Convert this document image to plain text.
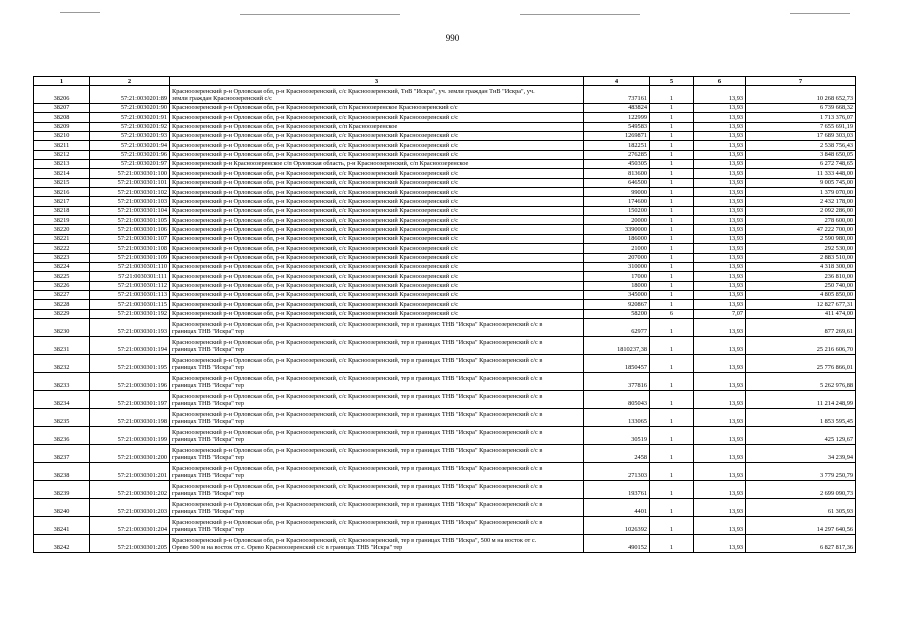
990
1	2	3	4	5	6	7
38206	57:21:0030201:89	Красноозеренский р-н Орловская обл, р-н Красноозеренский, с/с Красноозеренский, ТнВ "Искра", уч. земли граждан ТнВ "Искра", уч.
земли граждан Красноозеренский с/с	737161	1	13,93	10 268 652,73
38207	57:21:0030201:90	Красноозеренский р-н Орловская обл, р-н Красноозеренский, с/п Красноозеренское Красноозеренский с/с	483824	1	13,93	6 739 668,32
38208	57:21:0030201:91	Красноозеренский р-н Орловская обл, р-н Красноозеренский, с/с Красноозеренский Красноозеренский с/с	122999	1	13,93	1 713 376,07
38209	57:21:0030201:92	Красноозеренский р-н Орловская обл, р-н Красноозеренский, с/п Красноозеренское	549583	1	13,93	7 655 691,19
38210	57:21:0030201:93	Красноозеренский р-н Орловская обл, р-н Красноозеренский, с/с Красноозеренский Красноозеренский с/с	1269871	1	13,93	17 689 303,03
38211	57:21:0030201:94	Красноозеренский р-н Орловская обл, р-н Красноозеренский, с/с Красноозеренский Красноозеренский с/с	182251	1	13,93	2 538 756,43
38212	57:21:0030201:96	Красноозеренский р-н Орловская обл, р-н Красноозеренский, с/с Красноозеренский Красноозеренский с/с	276285	1	13,93	3 848 650,05
38213	57:21:0030201:97	Красноозеренский р-н Красноозеренское с/п Орловская область, р-н Красноозеренский, с/п Красноозеренское	450305	1	13,93	6 272 748,65
38214	57:21:0030301:100	Красноозеренский р-н Орловская обл, р-н Красноозеренский, с/с Красноозеренский Красноозеренский с/с	813600	1	13,93	11 333 448,00
38215	57:21:0030301:101	Красноозеренский р-н Орловская обл, р-н Красноозеренский, с/с Красноозеренский Красноозеренский с/с	646500	1	13,93	9 005 745,00
38216	57:21:0030301:102	Красноозеренский р-н Орловская обл, р-н Красноозеренский, с/с Красноозеренский Красноозеренский с/с	99000	1	13,93	1 379 070,00
38217	57:21:0030301:103	Красноозеренский р-н Орловская обл, р-н Красноозеренский, с/с Красноозеренский Красноозеренский с/с	174600	1	13,93	2 432 178,00
38218	57:21:0030301:104	Красноозеренский р-н Орловская обл, р-н Красноозеренский, с/с Красноозеренский Красноозеренский с/с	150200	1	13,93	2 092 286,00
38219	57:21:0030301:105	Красноозеренский р-н Орловская обл, р-н Красноозеренский, с/с Красноозеренский Красноозеренский с/с	20000	1	13,93	278 600,00
38220	57:21:0030301:106	Красноозеренский р-н Орловская обл, р-н Красноозеренский, с/с Красноозеренский Красноозеренский с/с	3390000	1	13,93	47 222 700,00
38221	57:21:0030301:107	Красноозеренский р-н Орловская обл, р-н Красноозеренский, с/с Красноозеренский Красноозеренский с/с	186000	1	13,93	2 590 980,00
38222	57:21:0030301:108	Красноозеренский р-н Орловская обл, р-н Красноозеренский, с/с Красноозеренский Красноозеренский с/с	21000	1	13,93	292 530,00
38223	57:21:0030301:109	Красноозеренский р-н Орловская обл, р-н Красноозеренский, с/с Красноозеренский Красноозеренский с/с	207000	1	13,93	2 883 510,00
38224	57:21:0030301:110	Красноозеренский р-н Орловская обл, р-н Красноозеренский, с/с Красноозеренский Красноозеренский с/с	310000	1	13,93	4 318 300,00
38225	57:21:0030301:111	Красноозеренский р-н Орловская обл, р-н Красноозеренский, с/с Красноозеренский Красноозеренский с/с	17000	1	13,93	236 810,00
38226	57:21:0030301:112	Красноозеренский р-н Орловская обл, р-н Красноозеренский, с/с Красноозеренский Красноозеренский с/с	18000	1	13,93	250 740,00
38227	57:21:0030301:113	Красноозеренский р-н Орловская обл, р-н Красноозеренский, с/с Красноозеренский Красноозеренский с/с	345000	1	13,93	4 805 850,00
38228	57:21:0030301:115	Красноозеренский р-н Орловская обл, р-н Красноозеренский, с/с Красноозеренский Красноозеренский с/с	920867	1	13,93	12 827 677,31
38229	57:21:0030301:192	Красноозеренский р-н Орловская обл, р-н Красноозеренский, с/с Красноозеренский Красноозеренский с/с	58200	6	7,07	411 474,00
38230	57:21:0030301:193	Красноозеренский р-н Орловская обл, р-н Красноозеренский, с/с Красноозеренский, тер в границах ТНВ "Искра" Красноозеренский с/с в
границах ТНВ "Искра" тер	62977	1	13,93	877 269,61
38231	57:21:0030301:194	Красноозеренский р-н Орловская обл, р-н Красноозеренский, с/с Красноозеренский, тер в границах ТНВ "Искра" Красноозеренский с/с в
границах ТНВ "Искра" тер	1810237,38	1	13,93	25 216 606,70
38232	57:21:0030301:195	Красноозеренский р-н Орловская обл, р-н Красноозеренский, с/с Красноозеренский, тер в границах ТНВ "Искра" Красноозеренский с/с в
границах ТНВ "Искра" тер	1850457	1	13,93	25 776 866,01
38233	57:21:0030301:196	Красноозеренский р-н Орловская обл, р-н Красноозеренский, с/с Красноозеренский, тер в границах ТНВ "Искра" Красноозеренский с/с в
границах ТНВ "Искра" тер	377816	1	13,93	5 262 976,88
38234	57:21:0030301:197	Красноозеренский р-н Орловская обл, р-н Красноозеренский, с/с Красноозеренский, тер в границах ТНВ "Искра" Красноозеренский с/с в
границах ТНВ "Искра" тер	805043	1	13,93	11 214 248,99
38235	57:21:0030301:198	Красноозеренский р-н Орловская обл, р-н Красноозеренский, с/с Красноозеренский, тер в границах ТНВ "Искра" Красноозеренский с/с в
границах ТНВ "Искра" тер	133065	1	13,93	1 853 595,45
38236	57:21:0030301:199	Красноозеренский р-н Орловская обл, р-н Красноозеренский, с/с Красноозеренский, тер в границах ТНВ "Искра" Красноозеренский с/с в
границах ТНВ "Искра" тер	30519	1	13,93	425 129,67
38237	57:21:0030301:200	Красноозеренский р-н Орловская обл, р-н Красноозеренский, с/с Красноозеренский, тер в границах ТНВ "Искра" Красноозеренский с/с в
границах ТНВ "Искра" тер	2458	1	13,93	34 239,94
38238	57:21:0030301:201	Красноозеренский р-н Орловская обл, р-н Красноозеренский, с/с Красноозеренский, тер в границах ТНВ "Искра" Красноозеренский с/с в
границах ТНВ "Искра" тер	271303	1	13,93	3 779 250,79
38239	57:21:0030301:202	Красноозеренский р-н Орловская обл, р-н Красноозеренский, с/с Красноозеренский, тер в границах ТНВ "Искра" Красноозеренский с/с в
границах ТНВ "Искра" тер	193761	1	13,93	2 699 090,73
38240	57:21:0030301:203	Красноозеренский р-н Орловская обл, р-н Красноозеренский, с/с Красноозеренский, тер в границах ТНВ "Искра" Красноозеренский с/с в
границах ТНВ "Искра" тер	4401	1	13,93	61 305,93
38241	57:21:0030301:204	Красноозеренский р-н Орловская обл, р-н Красноозеренский, с/с Красноозеренский, тер в границах ТНВ "Искра" Красноозеренский с/с в
границах ТНВ "Искра" тер	1026392	1	13,93	14 297 640,56
38242	57:21:0030301:205	Красноозеренский р-н Орловская обл, р-н Красноозеренский, с/с Красноозеренский, тер в границах ТНВ "Искра", 500 м на восток от с.
Орево 500 м на восток от с. Орево Красноозеренский с/с в границах ТНВ "Искра" тер	490152	1	13,93	6 827 817,36
